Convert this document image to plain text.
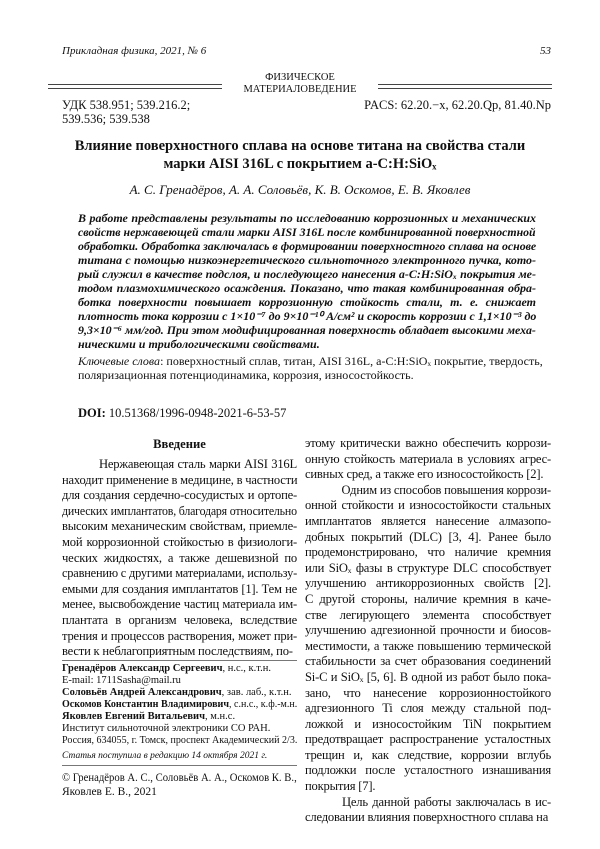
Прикладная физика, 2021, № 6	53
ФИЗИЧЕСКОЕ
МАТЕРИАЛОВЕДЕНИЕ
УДК 538.951; 539.216.2;
539.536; 539.538
PACS: 62.20.−x, 62.20.Qp, 81.40.Np
Влияние поверхностного сплава на основе титана на свойства стали
марки AISI 316L с покрытием a-C:H:SiOₓ
А. С. Гренадёров, А. А. Соловьёв, К. В. Оскомов, Е. В. Яковлев
В работе представлены результаты по исследованию коррозионных и механических
свойств нержавеющей стали марки AISI 316L после комбинированной поверхностной
обработки. Обработка заключалась в формировании поверхностного сплава на основе
титана с помощью низкоэнергетического сильноточного электронного пучка, кото-
рый служил в качестве подслоя, и последующего нанесения a-C:H:SiOₓ покрытия ме-
тодом плазмохимического осаждения. Показано, что такая комбинированная обра-
ботка поверхности повышает коррозионную стойкость стали, т. е. снижает
плотность тока коррозии с 1×10⁻⁷ до 9×10⁻¹⁰ А/см² и скорость коррозии с 1,1×10⁻³ до
9,3×10⁻⁶ мм/год. При этом модифицированная поверхность обладает высокими меха-
ническими и трибологическими свойствами.
Ключевые слова: поверхностный сплав, титан, AISI 316L, a-C:H:SiOₓ покрытие, твердость,
поляризационная потенциодинамика, коррозия, износостойкость.
DOI: 10.51368/1996-0948-2021-6-53-57
Введение
Нержавеющая сталь марки AISI 316L
находит применение в медицине, в частности
для создания сердечно-сосудистых и ортопе-
дических имплантатов, благодаря относительно
высоким механическим свойствам, приемле-
мой коррозионной стойкостью в физиологи-
ческих жидкостях, а также дешевизной по
сравнению с другими материалами, использу-
емыми для создания имплантатов [1]. Тем не
менее, высвобождение частиц материала им-
плантата в организм человека, вследствие
трения и процессов растворения, может при-
вести к неблагоприятным последствиям, по-
этому критически важно обеспечить коррози-
онную стойкость материала в условиях агрес-
сивных сред, а также его износостойкость [2].
Одним из способов повышения коррози-
онной стойкости и износостойкости стальных
имплантатов является нанесение алмазопо-
добных покрытий (DLC) [3, 4]. Ранее было
продемонстрировано, что наличие кремния
или SiOₓ фазы в структуре DLC способствует
улучшению антикоррозионных свойств [2].
С другой стороны, наличие кремния в каче-
стве легирующего элемента способствует
улучшению адгезионной прочности и биосов-
местимости, а также повышению термической
стабильности за счет образования соединений
Si-C и SiOₓ [5, 6]. В одной из работ было пока-
зано, что нанесение коррозионностойкого
адгезионного Ti слоя между стальной под-
ложкой и износостойким TiN покрытием
предотвращает распространение усталостных
трещин и, как следствие, коррозии вглубь
подложки после усталостного изнашивания
покрытия [7].
Цель данной работы заключалась в ис-
следовании влияния поверхностного сплава на
Гренадёров Александр Сергеевич, н.с., к.т.н.
E-mail: 1711Sasha@mail.ru
Соловьёв Андрей Александрович, зав. лаб., к.т.н.
Оскомов Константин Владимирович, с.н.с., к.ф.-м.н.
Яковлев Евгений Витальевич, м.н.с.
Институт сильноточной электроники СО РАН.
Россия, 634055, г. Томск, проспект Академический 2/3.
Статья поступила в редакцию 14 октября 2021 г.
© Гренадёров А. С., Соловьёв А. А., Оскомов К. В.,
Яковлев Е. В., 2021
